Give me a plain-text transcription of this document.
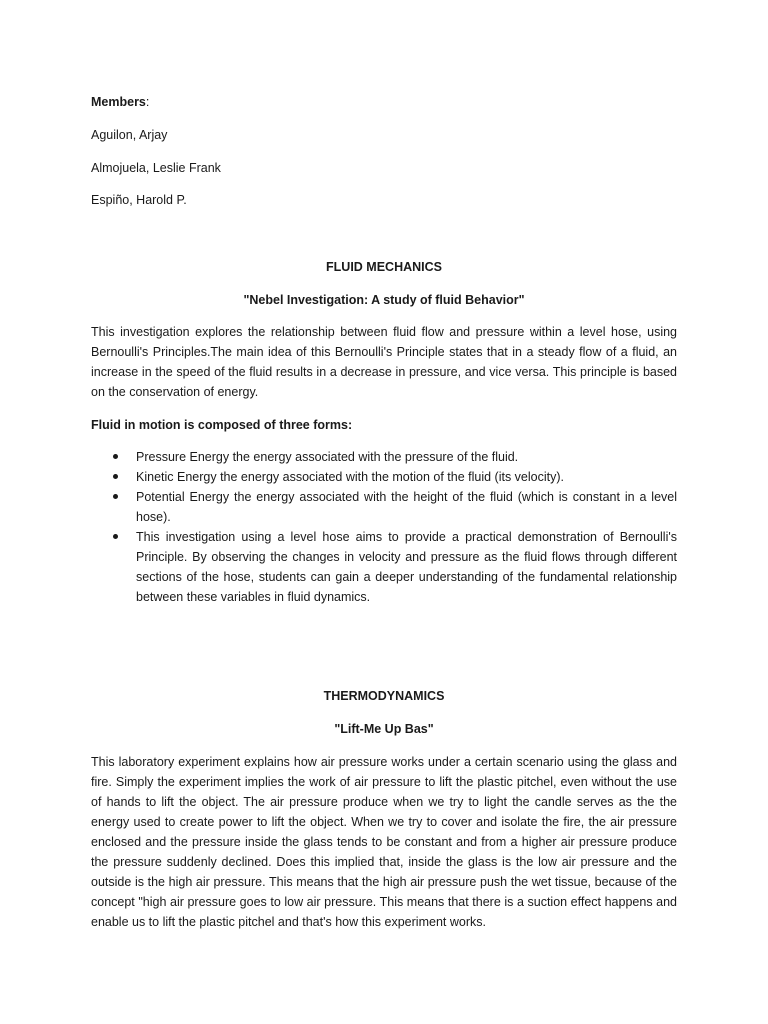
Members:
Aguilon, Arjay
Almojuela, Leslie Frank
Espiño, Harold P.
FLUID MECHANICS
"Nebel Investigation: A study of fluid Behavior"
This investigation explores the relationship between fluid flow and pressure within a level hose, using Bernoulli's Principles.The main idea of this Bernoulli's Principle states that in a steady flow of a fluid, an increase in the speed of the fluid results in a decrease in pressure, and vice versa. This principle is based on the conservation of energy.
Fluid in motion is composed of three forms:
Pressure Energy the energy associated with the pressure of the fluid.
Kinetic Energy the energy associated with the motion of the fluid (its velocity).
Potential Energy the energy associated with the height of the fluid (which is constant in a level hose).
This investigation using a level hose aims to provide a practical demonstration of Bernoulli's Principle. By observing the changes in velocity and pressure as the fluid flows through different sections of the hose, students can gain a deeper understanding of the fundamental relationship between these variables in fluid dynamics.
THERMODYNAMICS
"Lift-Me Up Bas"
This laboratory experiment explains how air pressure works under a certain scenario using the glass and fire. Simply the experiment implies the work of air pressure to lift the plastic pitchel, even without the use of hands to lift the object. The air pressure produce when we try to light the candle serves as the the energy used to create power to lift the object. When we try to cover and isolate the fire, the air pressure enclosed and the pressure inside the glass tends to be constant and from a higher air pressure produce the pressure suddenly declined. Does this implied that, inside the glass is the low air pressure and the outside is the high air pressure. This means that the high air pressure push the wet tissue, because of the concept "high air pressure goes to low air pressure. This means that there is a suction effect happens and enable us to lift the plastic pitchel and that's how this experiment works.
